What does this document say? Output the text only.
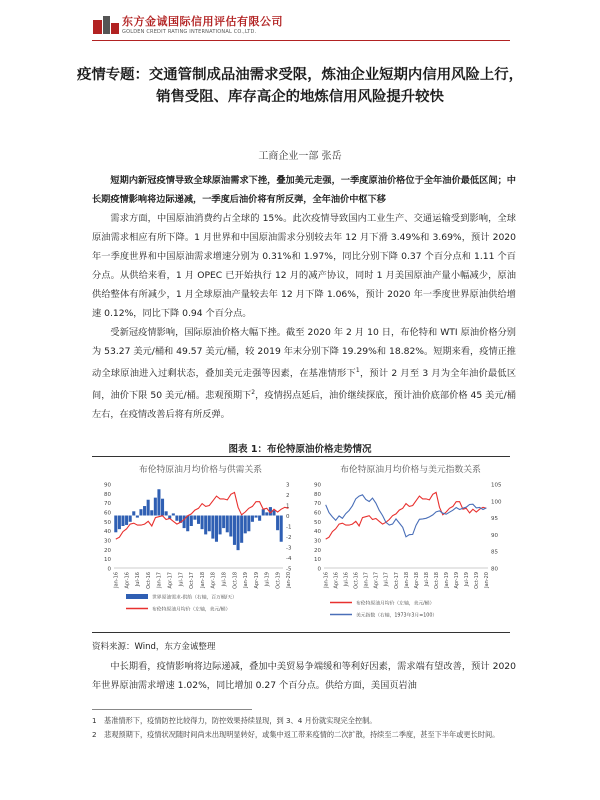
东方金诚国际信用评估有限公司
GOLDEN CREDIT RATING INTERNATIONAL CO.,LTD.
疫情专题：交通管制成品油需求受限，炼油企业短期内信用风险上行，
销售受阻、库存高企的地炼信用风险提升较快
工商企业一部 张岳

短期内新冠疫情导致全球原油需求下挫，叠加美元走强，一季度原油价格位于全年油价最低区间；中长期疫情影响将边际递减，一季度后油价将有所反弹，全年油价中枢下移

需求方面，中国原油消费约占全球的 15%。此次疫情导致国内工业生产、交通运输受到影响，全球原油需求相应有所下降。1 月世界和中国原油需求分别较去年 12 月下滑 3.49%和 3.69%，预计 2020 年一季度世界和中国原油需求增速分别为 0.31%和 1.97%，同比分别下降 0.37 个百分点和 1.11 个百分点。从供给来看，1 月 OPEC 已开始执行 12 月的减产协议，同时 1 月美国原油产量小幅减少，原油供给整体有所减少，1 月全球原油产量较去年 12 月下降 1.06%，预计 2020 年一季度世界原油供给增速 0.12%，同比下降 0.94 个百分点。

受新冠疫情影响，国际原油价格大幅下挫。截至 2020 年 2 月 10 日，布伦特和 WTI 原油价格分别为 53.27 美元/桶和 49.57 美元/桶，较 2019 年末分别下降 19.29%和 18.82%。短期来看，疫情正推动全球原油进入过剩状态，叠加美元走强等因素，在基准情形下$^1$，预计 2 月至 3 月为全年油价最低区间，油价下限 50 美元/桶。悲观预期下$^2$，疫情拐点延后，油价继续探底，预计油价底部价格 45 美元/桶左右，在疫情改善后将有所反弹。

图表 1：布伦特原油价格走势情况
布伦特原油月均价格与供需关系
90
80
70
60
50
40
30
20
10
0
3
2
1
0
-1
-2
-3
-4
-5
Jan-16 Apr-16 Jul-16 Oct-16 Jan-17 Apr-17 Jul-17 Oct-17 Jan-18 Apr-18 Jul-18 Oct-18 Jan-19 Apr-19 Jul-19 Oct-19 Jan-20
世界原油需求-供给（右轴，百万桶/天）
布伦特原油月均价（左轴，美元/桶）
布伦特原油月均价格与美元指数关系
90
80
70
60
50
40
30
20
10
0
105
100
95
90
85
80
Jan-16 Apr-16 Jul-16 Oct-16 Jan-17 Apr-17 Jul-17 Oct-17 Jan-18 Apr-18 Jul-18 Oct-18 Jan-19 Apr-19 Jul-19 Oct-19 Jan-20
布伦特原油月均价（左轴，美元/桶）
美元指数（右轴，1973年3月=100）
资料来源：Wind，东方金诚整理

中长期看，疫情影响将边际递减，叠加中美贸易争端缓和等利好因素，需求端有望改善，预计 2020 年世界原油需求增速 1.02%，同比增加 0.27 个百分点。供给方面，美国页岩油

1 基准情形下，疫情防控比较得力，防控效果持续显现，到 3、4 月份就实现完全控制。
2 悲观预期下，疫情状况随时间尚未出现明显转好，或集中返工带来疫情的二次扩散，持续至二季度，甚至下半年或更长时间。
